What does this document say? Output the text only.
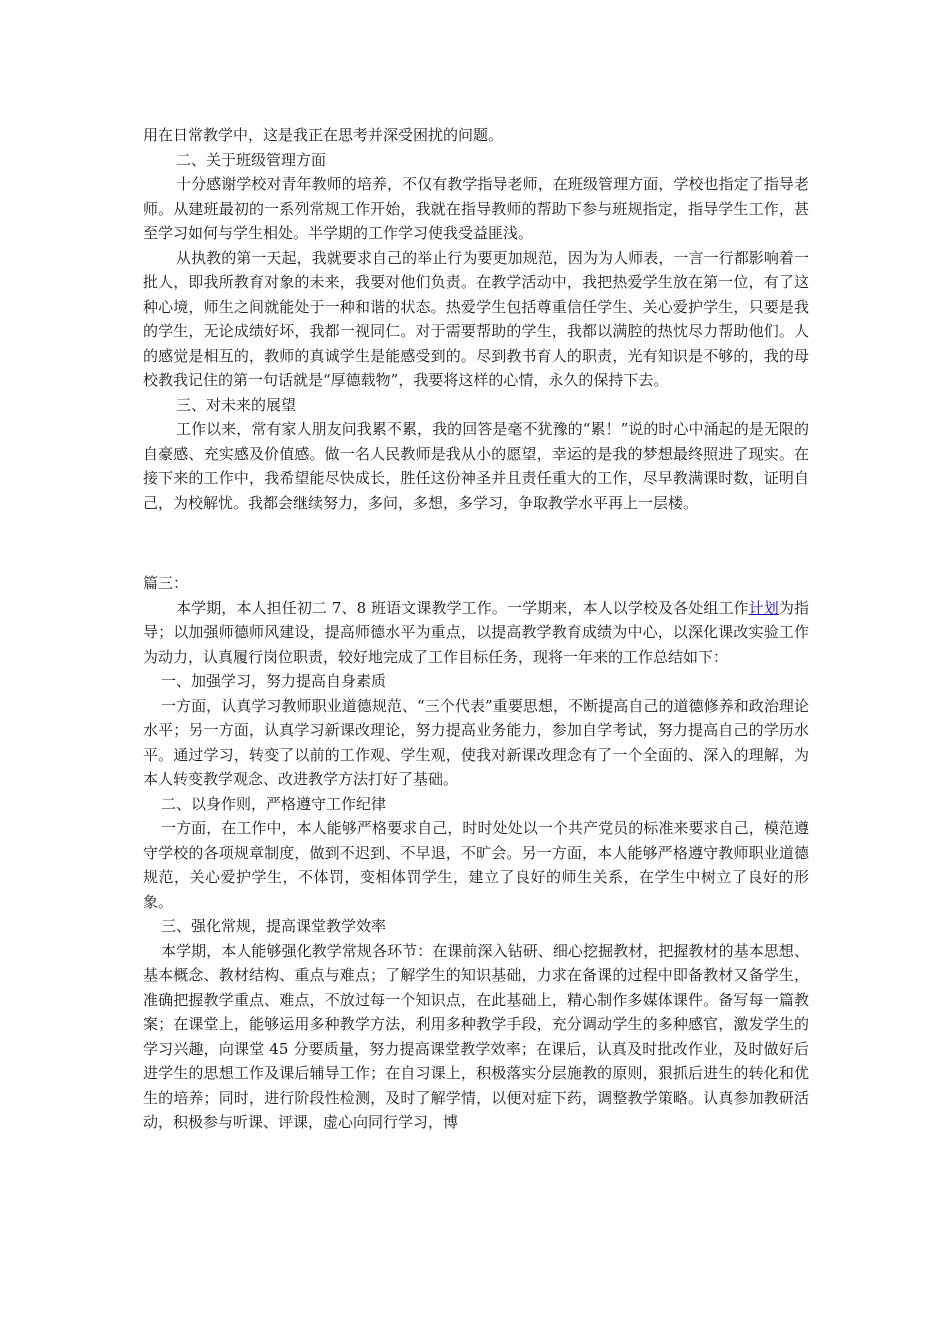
用在日常教学中，这是我正在思考并深受困扰的问题。

二、关于班级管理方面

十分感谢学校对青年教师的培养，不仅有教学指导老师，在班级管理方面，学校也指定了指导老师。从建班最初的一系列常规工作开始，我就在指导教师的帮助下参与班规指定，指导学生工作，甚至学习如何与学生相处。半学期的工作学习使我受益匪浅。

从执教的第一天起，我就要求自己的举止行为要更加规范，因为为人师表，一言一行都影响着一批人，即我所教育对象的未来，我要对他们负责。在教学活动中，我把热爱学生放在第一位，有了这种心境，师生之间就能处于一种和谐的状态。热爱学生包括尊重信任学生、关心爱护学生，只要是我的学生，无论成绩好坏，我都一视同仁。对于需要帮助的学生，我都以满腔的热忱尽力帮助他们。人的感觉是相互的，教师的真诚学生是能感受到的。尽到教书育人的职责，光有知识是不够的，我的母校教我记住的第一句话就是“厚德载物”，我要将这样的心情，永久的保持下去。

三、对未来的展望

工作以来，常有家人朋友问我累不累，我的回答是毫不犹豫的“累！”说的时心中涌起的是无限的自豪感、充实感及价值感。做一名人民教师是我从小的愿望，幸运的是我的梦想最终照进了现实。在接下来的工作中，我希望能尽快成长，胜任这份神圣并且责任重大的工作，尽早教满课时数，证明自己，为校解忧。我都会继续努力，多问，多想，多学习，争取教学水平再上一层楼。

篇三：

本学期，本人担任初二 7、8 班语文课教学工作。一学期来，本人以学校及各处组工作计划为指导；以加强师德师风建设，提高师德水平为重点，以提高教学教育成绩为中心，以深化课改实验工作为动力，认真履行岗位职责，较好地完成了工作目标任务，现将一年来的工作总结如下：

一、加强学习，努力提高自身素质

一方面，认真学习教师职业道德规范、“三个代表”重要思想，不断提高自己的道德修养和政治理论水平；另一方面，认真学习新课改理论，努力提高业务能力，参加自学考试，努力提高自己的学历水平。通过学习，转变了以前的工作观、学生观，使我对新课改理念有了一个全面的、深入的理解，为本人转变教学观念、改进教学方法打好了基础。

二、以身作则，严格遵守工作纪律

一方面，在工作中，本人能够严格要求自己，时时处处以一个共产党员的标准来要求自己，模范遵守学校的各项规章制度，做到不迟到、不早退，不旷会。另一方面，本人能够严格遵守教师职业道德规范，关心爱护学生，不体罚，变相体罚学生，建立了良好的师生关系，在学生中树立了良好的形象。

三、强化常规，提高课堂教学效率

本学期，本人能够强化教学常规各环节：在课前深入钻研、细心挖掘教材，把握教材的基本思想、基本概念、教材结构、重点与难点；了解学生的知识基础，力求在备课的过程中即备教材又备学生，准确把握教学重点、难点，不放过每一个知识点，在此基础上，精心制作多媒体课件。备写每一篇教案；在课堂上，能够运用多种教学方法，利用多种教学手段，充分调动学生的多种感官，激发学生的学习兴趣，向课堂 45 分要质量，努力提高课堂教学效率；在课后，认真及时批改作业，及时做好后进学生的思想工作及课后辅导工作；在自习课上，积极落实分层施教的原则，狠抓后进生的转化和优生的培养；同时，进行阶段性检测，及时了解学情，以便对症下药，调整教学策略。认真参加教研活动，积极参与听课、评课，虚心向同行学习，博
